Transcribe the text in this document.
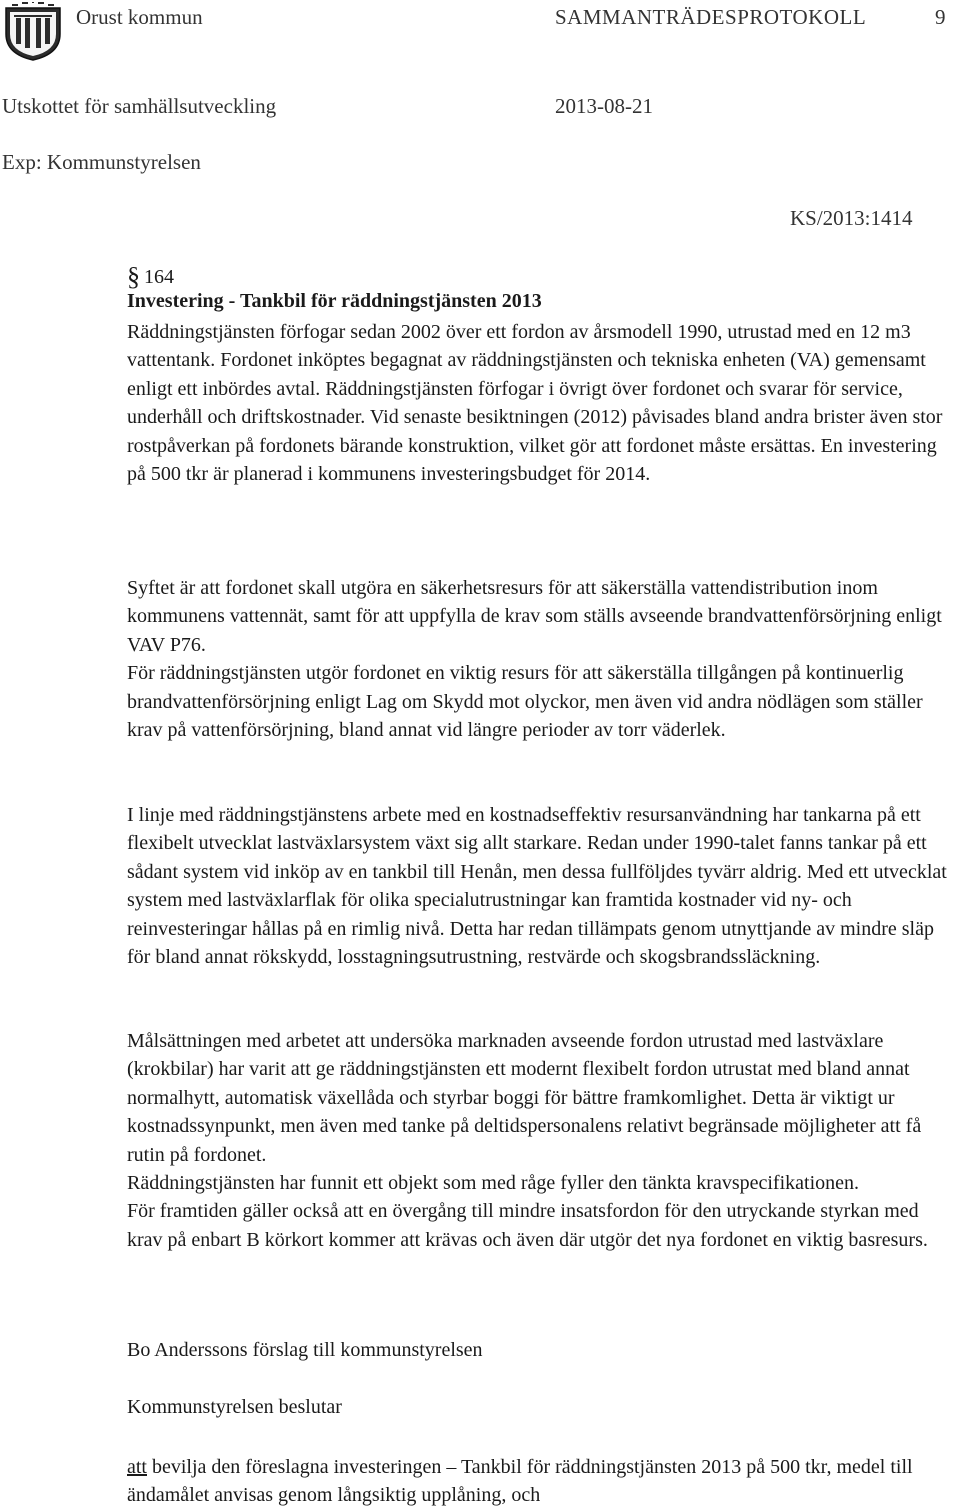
Orust kommun	SAMMANTRÄDESPROTOKOLL	9
Utskottet för samhällsutveckling	2013-08-21
Exp: Kommunstyrelsen
KS/2013:1414
§ 164
Investering - Tankbil för räddningstjänsten 2013

Räddningstjänsten förfogar sedan 2002 över ett fordon av årsmodell 1990, utrustad med en 12 m3 vattentank. Fordonet inköptes begagnat av räddningstjänsten och tekniska enheten (VA) gemensamt enligt ett inbördes avtal. Räddningstjänsten förfogar i övrigt över fordonet och svarar för service, underhåll och driftskostnader. Vid senaste besiktningen (2012) påvisades bland andra brister även stor rostpåverkan på fordonets bärande konstruktion, vilket gör att fordonet måste ersättas. En investering på 500 tkr är planerad i kommunens investeringsbudget för 2014.

Syftet är att fordonet skall utgöra en säkerhetsresurs för att säkerställa vattendistribution inom kommunens vattennät, samt för att uppfylla de krav som ställs avseende brandvattenförsörjning enligt VAV P76.

För räddningstjänsten utgör fordonet en viktig resurs för att säkerställa tillgången på kontinuerlig brandvattenförsörjning enligt Lag om Skydd mot olyckor, men även vid andra nödlägen som ställer krav på vattenförsörjning, bland annat vid längre perioder av torr väderlek.

I linje med räddningstjänstens arbete med en kostnadseffektiv resursanvändning har tankarna på ett flexibelt utvecklat lastväxlarsystem växt sig allt starkare. Redan under 1990-talet fanns tankar på ett sådant system vid inköp av en tankbil till Henån, men dessa fullföljdes tyvärr aldrig. Med ett utvecklat system med lastväxlarflak för olika specialutrustningar kan framtida kostnader vid ny- och reinvesteringar hållas på en rimlig nivå. Detta har redan tillämpats genom utnyttjande av mindre släp för bland annat rökskydd, losstagningsutrustning, restvärde och skogsbrandssläckning.

Målsättningen med arbetet att undersöka marknaden avseende fordon utrustad med lastväxlare (krokbilar) har varit att ge räddningstjänsten ett modernt flexibelt fordon utrustat med bland annat normalhytt, automatisk växellåda och styrbar boggi för bättre framkomlighet. Detta är viktigt ur kostnadssynpunkt, men även med tanke på deltidspersonalens relativt begränsade möjligheter att få rutin på fordonet.

Räddningstjänsten har funnit ett objekt som med råge fyller den tänkta kravspecifikationen.

För framtiden gäller också att en övergång till mindre insatsfordon för den utryckande styrkan med krav på enbart B körkort kommer att krävas och även där utgör det nya fordonet en viktig basresurs.

Bo Anderssons förslag till kommunstyrelsen
Kommunstyrelsen beslutar

att bevilja den föreslagna investeringen – Tankbil för räddningstjänsten 2013 på 500 tkr, medel till ändamålet anvisas genom långsiktig upplåning, och
